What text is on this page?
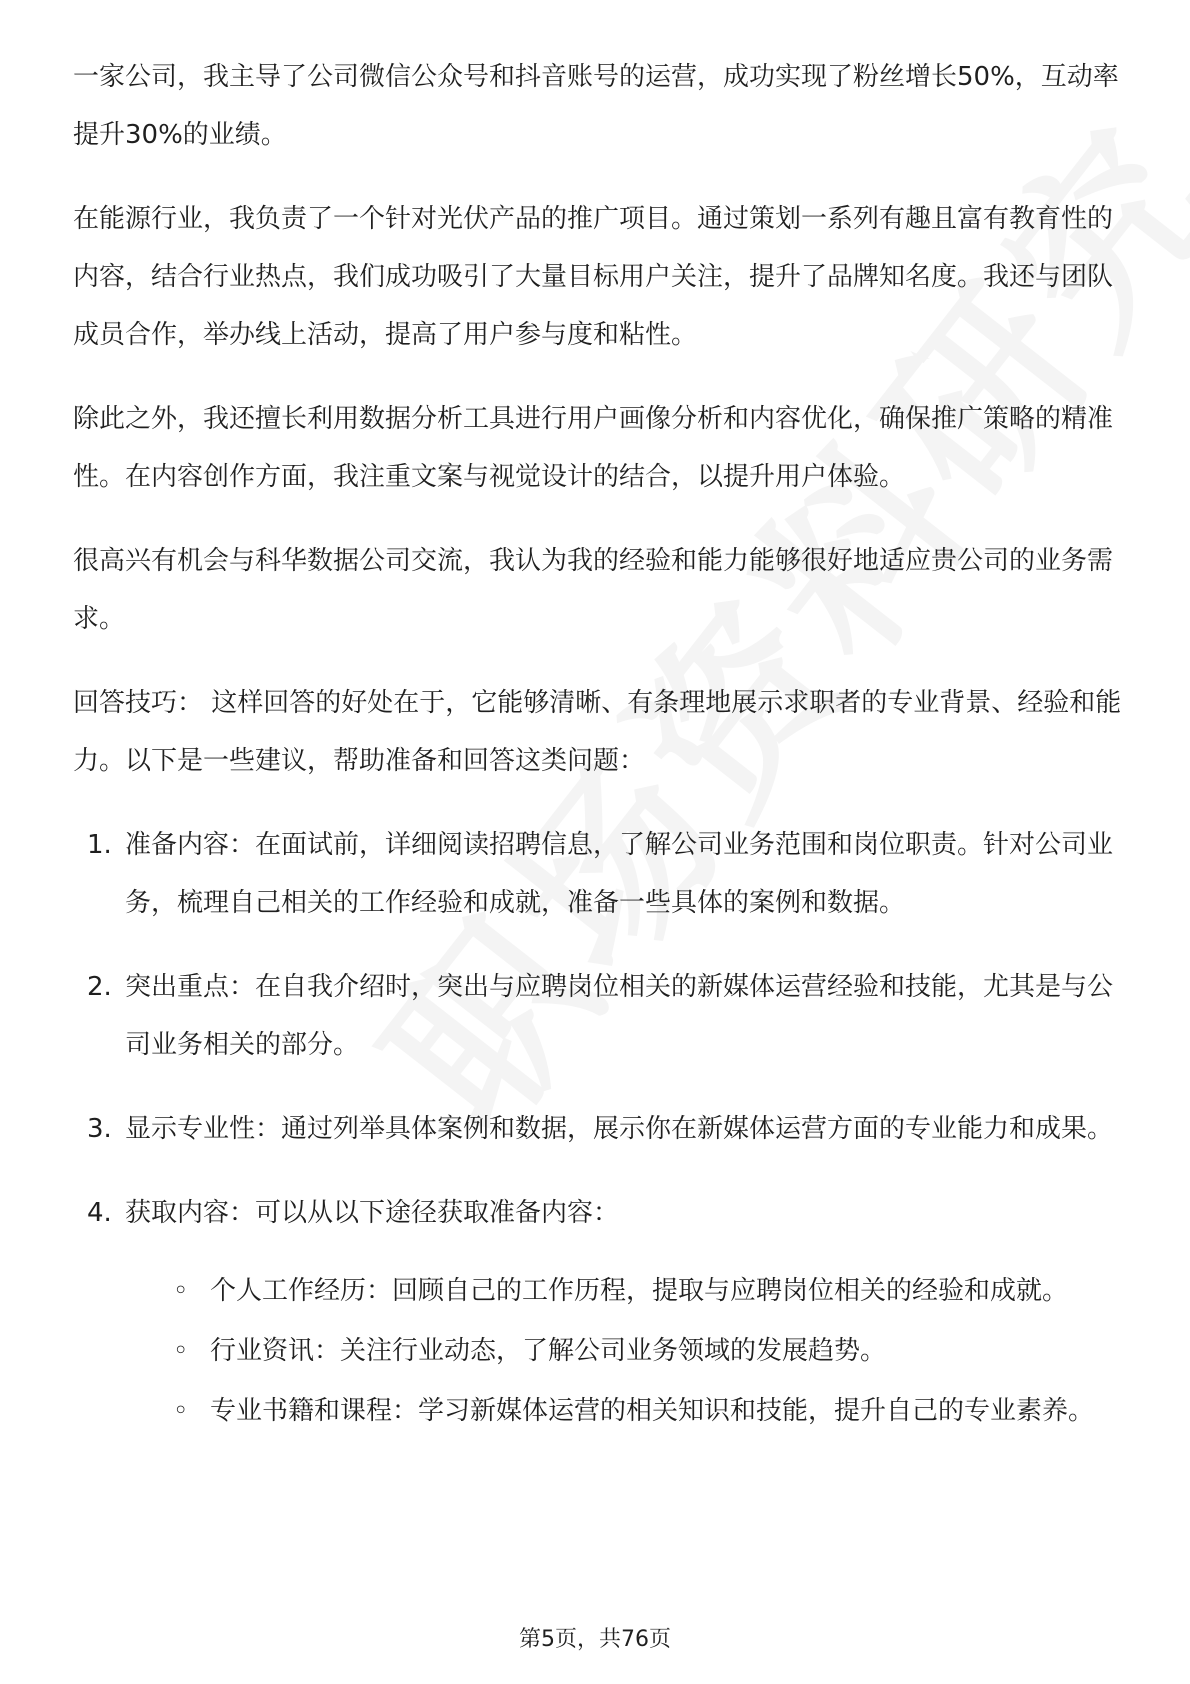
一家公司，我主导了公司微信公众号和抖音账号的运营，成功实现了粉丝增长50%，互动率提升30%的业绩。

在能源行业，我负责了一个针对光伏产品的推广项目。通过策划一系列有趣且富有教育性的内容，结合行业热点，我们成功吸引了大量目标用户关注，提升了品牌知名度。我还与团队成员合作，举办线上活动，提高了用户参与度和粘性。

除此之外，我还擅长利用数据分析工具进行用户画像分析和内容优化，确保推广策略的精准性。在内容创作方面，我注重文案与视觉设计的结合，以提升用户体验。

很高兴有机会与科华数据公司交流，我认为我的经验和能力能够很好地适应贵公司的业务需求。

回答技巧： 这样回答的好处在于，它能够清晰、有条理地展示求职者的专业背景、经验和能力。以下是一些建议，帮助准备和回答这类问题：

1. 准备内容：在面试前，详细阅读招聘信息，了解公司业务范围和岗位职责。针对公司业务，梳理自己相关的工作经验和成就，准备一些具体的案例和数据。
2. 突出重点：在自我介绍时，突出与应聘岗位相关的新媒体运营经验和技能，尤其是与公司业务相关的部分。
3. 显示专业性：通过列举具体案例和数据，展示你在新媒体运营方面的专业能力和成果。
4. 获取内容：可以从以下途径获取准备内容：
◦ 个人工作经历：回顾自己的工作历程，提取与应聘岗位相关的经验和成就。
◦ 行业资讯：关注行业动态，了解公司业务领域的发展趋势。
◦ 专业书籍和课程：学习新媒体运营的相关知识和技能，提升自己的专业素养。
第5页，共76页
